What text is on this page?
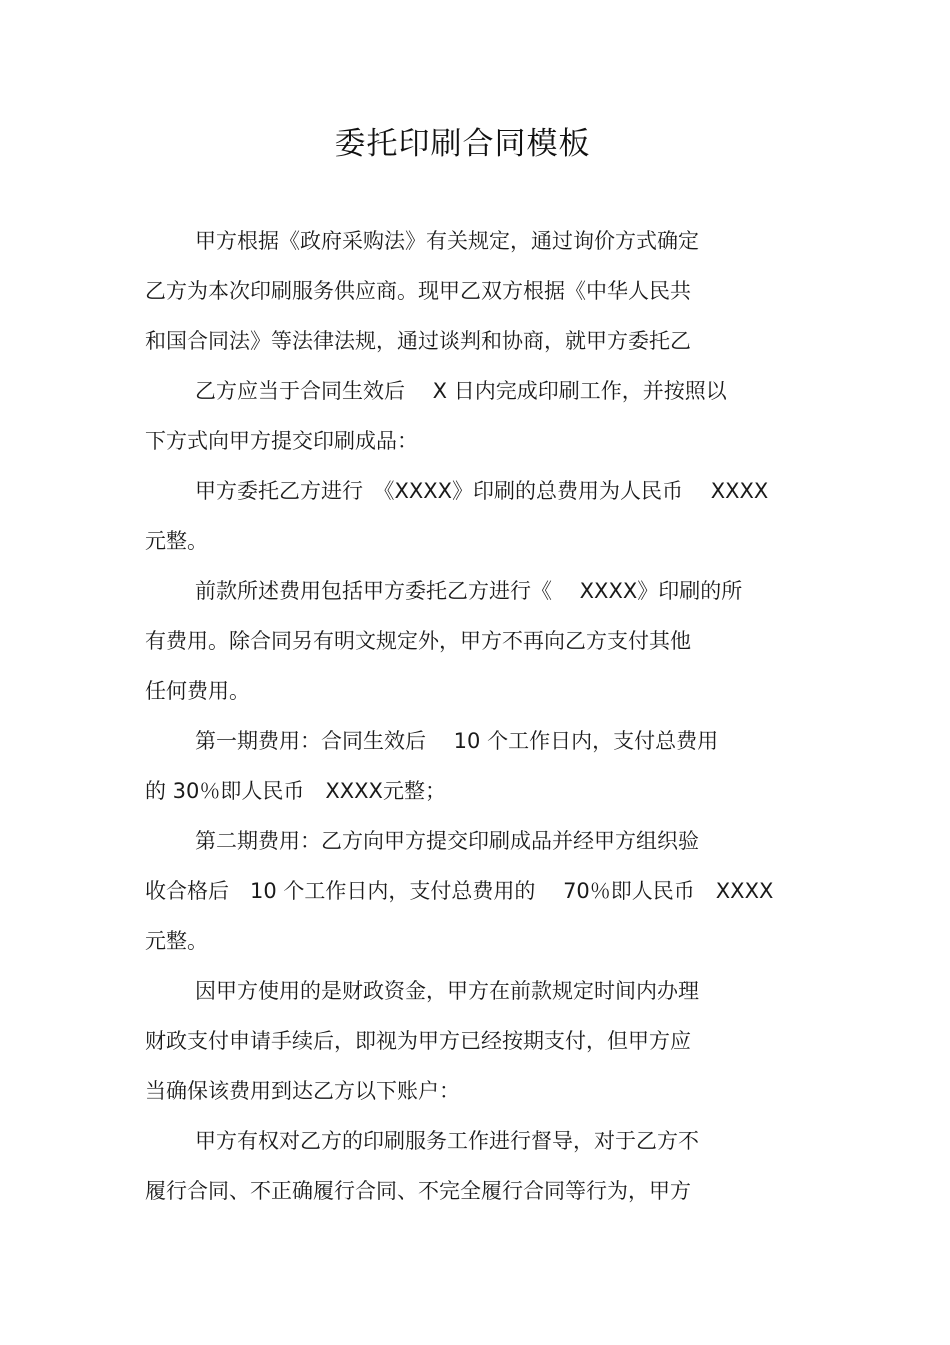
委托印刷合同模板
甲方根据《政府采购法》有关规定，通过询价方式确定
乙方为本次印刷服务供应商。现甲乙双方根据《中华人民共
和国合同法》等法律法规，通过谈判和协商，就甲方委托乙
乙方应当于合同生效后　 X 日内完成印刷工作，并按照以
下方式向甲方提交印刷成品：
甲方委托乙方进行　《XXXX》印刷的总费用为人民币　 XXXX
元整。
前款所述费用包括甲方委托乙方进行《　 XXXX》印刷的所
有费用。除合同另有明文规定外，甲方不再向乙方支付其他
任何费用。
第一期费用：合同生效后　 10 个工作日内，支付总费用
的 30％即人民币　XXXX元整；
第二期费用：乙方向甲方提交印刷成品并经甲方组织验
收合格后　10 个工作日内，支付总费用的　 70％即人民币　XXXX
元整。
因甲方使用的是财政资金，甲方在前款规定时间内办理
财政支付申请手续后，即视为甲方已经按期支付，但甲方应
当确保该费用到达乙方以下账户：
甲方有权对乙方的印刷服务工作进行督导，对于乙方不
履行合同、不正确履行合同、不完全履行合同等行为，甲方
